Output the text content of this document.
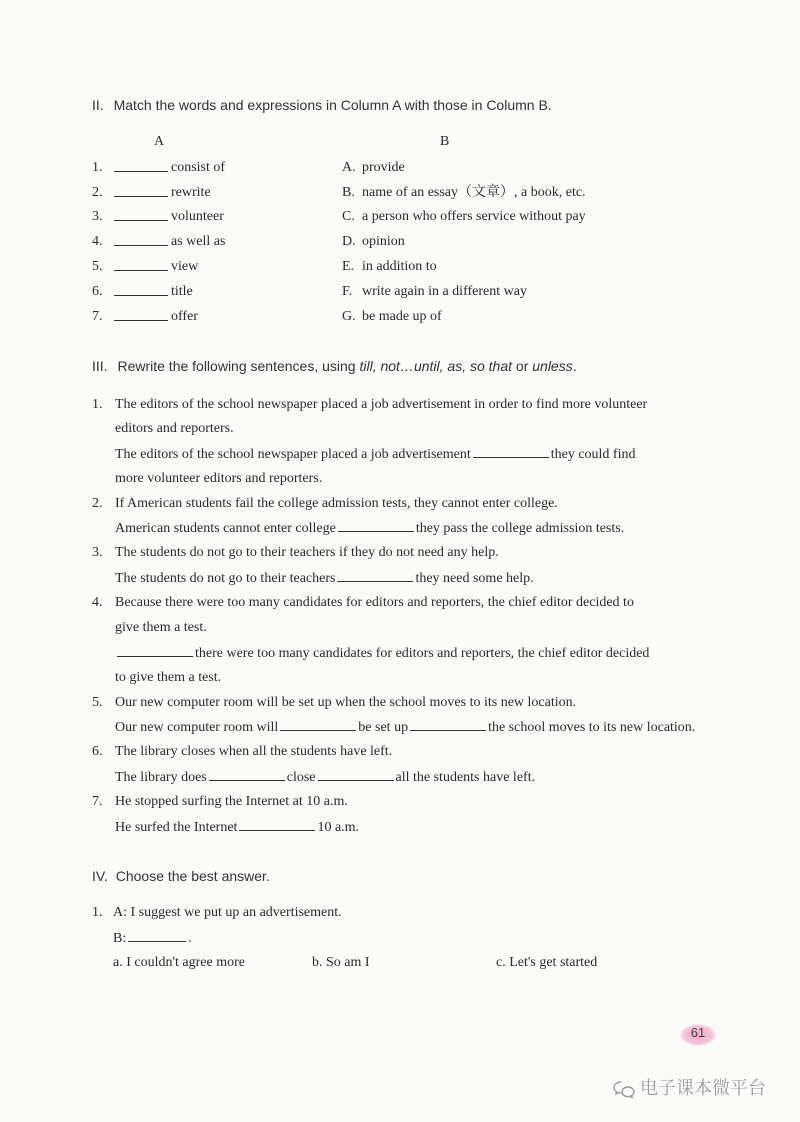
II. Match the words and expressions in Column A with those in Column B.
A	B
1.	consist of	A. provide
2.	rewrite	B. name of an essay（文章）, a book, etc.
3.	volunteer	C. a person who offers service without pay
4.	as well as	D. opinion
5.	view	E. in addition to
6.	title	F. write again in a different way
7.	offer	G. be made up of
III. Rewrite the following sentences, using till, not…until, as, so that or unless.
1. The editors of the school newspaper placed a job advertisement in order to find more volunteer
editors and reporters.
The editors of the school newspaper placed a job advertisement	they could find
more volunteer editors and reporters.
2. If American students fail the college admission tests, they cannot enter college.
American students cannot enter college	they pass the college admission tests.
3. The students do not go to their teachers if they do not need any help.
The students do not go to their teachers	they need some help.
4. Because there were too many candidates for editors and reporters, the chief editor decided to
give them a test.
there were too many candidates for editors and reporters, the chief editor decided
to give them a test.
5. Our new computer room will be set up when the school moves to its new location.
Our new computer room will	be set up	the school moves to its new location.
6. The library closes when all the students have left.
The library does	close	all the students have left.
7. He stopped surfing the Internet at 10 a.m.
He surfed the Internet	10 a.m.
IV. Choose the best answer.
1. A: I suggest we put up an advertisement.
B:	.
a. I couldn't agree more	b. So am I	c. Let's get started
61
电子课本微平台
